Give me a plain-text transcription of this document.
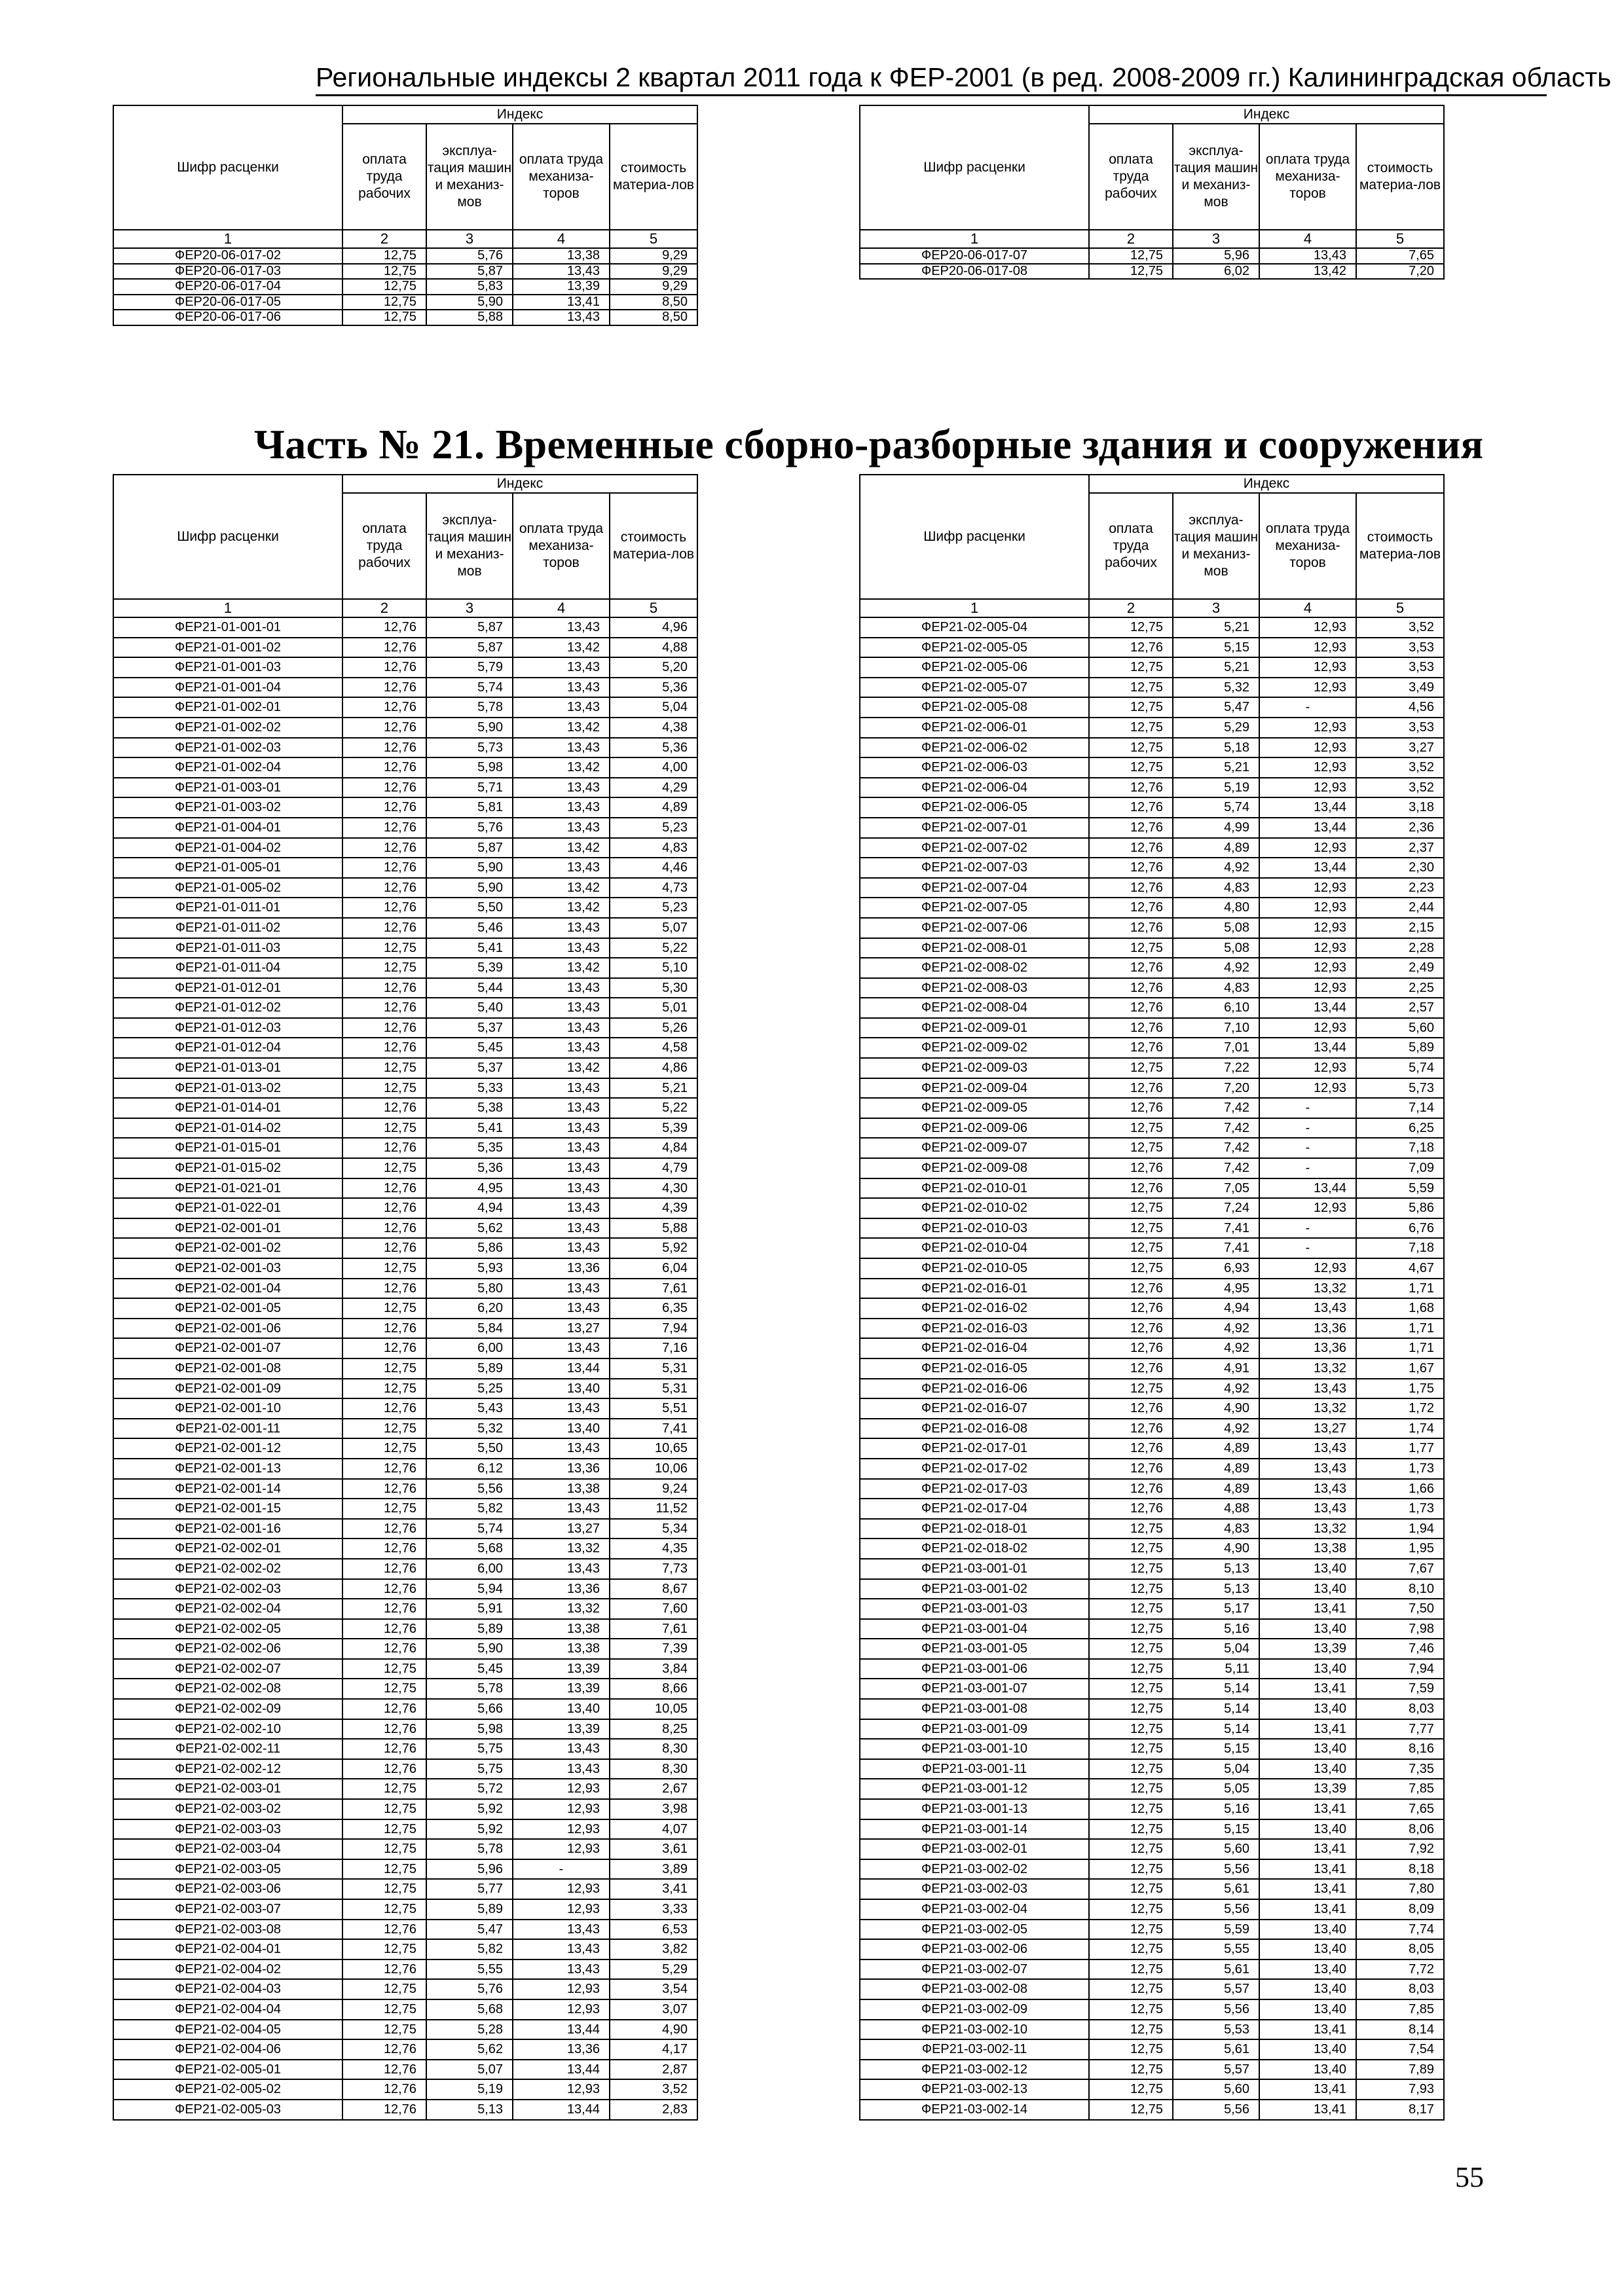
Региональные индексы 2 квартал 2011 года к ФЕР-2001 (в ред. 2008-2009 гг.) Калининградская область
Шифр расценки	Индекс			
	оплата труда рабочих	эксплуа-тация машин и механиз-мов	оплата труда механиза-торов	стоимость материа-лов
1	2	3	4	5
ФЕР20-06-017-02	12,75	5,76	13,38	9,29
ФЕР20-06-017-03	12,75	5,87	13,43	9,29
ФЕР20-06-017-04	12,75	5,83	13,39	9,29
ФЕР20-06-017-05	12,75	5,90	13,41	8,50
ФЕР20-06-017-06	12,75	5,88	13,43	8,50
Шифр расценки	Индекс			
	оплата труда рабочих	эксплуа-тация машин и механиз-мов	оплата труда механиза-торов	стоимость материа-лов
1	2	3	4	5
ФЕР20-06-017-07	12,75	5,96	13,43	7,65
ФЕР20-06-017-08	12,75	6,02	13,42	7,20
Часть № 21. Временные сборно-разборные здания и сооружения
Шифр расценки	Индекс			
	оплата труда рабочих	эксплуа-тация машин и механиз-мов	оплата труда механиза-торов	стоимость материа-лов
1	2	3	4	5
ФЕР21-01-001-01	12,76	5,87	13,43	4,96
ФЕР21-01-001-02	12,76	5,87	13,42	4,88
ФЕР21-01-001-03	12,76	5,79	13,43	5,20
ФЕР21-01-001-04	12,76	5,74	13,43	5,36
ФЕР21-01-002-01	12,76	5,78	13,43	5,04
ФЕР21-01-002-02	12,76	5,90	13,42	4,38
ФЕР21-01-002-03	12,76	5,73	13,43	5,36
ФЕР21-01-002-04	12,76	5,98	13,42	4,00
ФЕР21-01-003-01	12,76	5,71	13,43	4,29
ФЕР21-01-003-02	12,76	5,81	13,43	4,89
ФЕР21-01-004-01	12,76	5,76	13,43	5,23
ФЕР21-01-004-02	12,76	5,87	13,42	4,83
ФЕР21-01-005-01	12,76	5,90	13,43	4,46
ФЕР21-01-005-02	12,76	5,90	13,42	4,73
ФЕР21-01-011-01	12,76	5,50	13,42	5,23
ФЕР21-01-011-02	12,76	5,46	13,43	5,07
ФЕР21-01-011-03	12,75	5,41	13,43	5,22
ФЕР21-01-011-04	12,75	5,39	13,42	5,10
ФЕР21-01-012-01	12,76	5,44	13,43	5,30
ФЕР21-01-012-02	12,76	5,40	13,43	5,01
ФЕР21-01-012-03	12,76	5,37	13,43	5,26
ФЕР21-01-012-04	12,76	5,45	13,43	4,58
ФЕР21-01-013-01	12,75	5,37	13,42	4,86
ФЕР21-01-013-02	12,75	5,33	13,43	5,21
ФЕР21-01-014-01	12,76	5,38	13,43	5,22
ФЕР21-01-014-02	12,75	5,41	13,43	5,39
ФЕР21-01-015-01	12,76	5,35	13,43	4,84
ФЕР21-01-015-02	12,75	5,36	13,43	4,79
ФЕР21-01-021-01	12,76	4,95	13,43	4,30
ФЕР21-01-022-01	12,76	4,94	13,43	4,39
ФЕР21-02-001-01	12,76	5,62	13,43	5,88
ФЕР21-02-001-02	12,76	5,86	13,43	5,92
ФЕР21-02-001-03	12,75	5,93	13,36	6,04
ФЕР21-02-001-04	12,76	5,80	13,43	7,61
ФЕР21-02-001-05	12,75	6,20	13,43	6,35
ФЕР21-02-001-06	12,76	5,84	13,27	7,94
ФЕР21-02-001-07	12,76	6,00	13,43	7,16
ФЕР21-02-001-08	12,75	5,89	13,44	5,31
ФЕР21-02-001-09	12,75	5,25	13,40	5,31
ФЕР21-02-001-10	12,76	5,43	13,43	5,51
ФЕР21-02-001-11	12,75	5,32	13,40	7,41
ФЕР21-02-001-12	12,75	5,50	13,43	10,65
ФЕР21-02-001-13	12,76	6,12	13,36	10,06
ФЕР21-02-001-14	12,76	5,56	13,38	9,24
ФЕР21-02-001-15	12,75	5,82	13,43	11,52
ФЕР21-02-001-16	12,76	5,74	13,27	5,34
ФЕР21-02-002-01	12,76	5,68	13,32	4,35
ФЕР21-02-002-02	12,76	6,00	13,43	7,73
ФЕР21-02-002-03	12,76	5,94	13,36	8,67
ФЕР21-02-002-04	12,76	5,91	13,32	7,60
ФЕР21-02-002-05	12,76	5,89	13,38	7,61
ФЕР21-02-002-06	12,76	5,90	13,38	7,39
ФЕР21-02-002-07	12,75	5,45	13,39	3,84
ФЕР21-02-002-08	12,75	5,78	13,39	8,66
ФЕР21-02-002-09	12,76	5,66	13,40	10,05
ФЕР21-02-002-10	12,76	5,98	13,39	8,25
ФЕР21-02-002-11	12,76	5,75	13,43	8,30
ФЕР21-02-002-12	12,76	5,75	13,43	8,30
ФЕР21-02-003-01	12,75	5,72	12,93	2,67
ФЕР21-02-003-02	12,75	5,92	12,93	3,98
ФЕР21-02-003-03	12,75	5,92	12,93	4,07
ФЕР21-02-003-04	12,75	5,78	12,93	3,61
ФЕР21-02-003-05	12,75	5,96	-	3,89
ФЕР21-02-003-06	12,75	5,77	12,93	3,41
ФЕР21-02-003-07	12,75	5,89	12,93	3,33
ФЕР21-02-003-08	12,76	5,47	13,43	6,53
ФЕР21-02-004-01	12,75	5,82	13,43	3,82
ФЕР21-02-004-02	12,76	5,55	13,43	5,29
ФЕР21-02-004-03	12,75	5,76	12,93	3,54
ФЕР21-02-004-04	12,75	5,68	12,93	3,07
ФЕР21-02-004-05	12,75	5,28	13,44	4,90
ФЕР21-02-004-06	12,76	5,62	13,36	4,17
ФЕР21-02-005-01	12,76	5,07	13,44	2,87
ФЕР21-02-005-02	12,76	5,19	12,93	3,52
ФЕР21-02-005-03	12,76	5,13	13,44	2,83
Шифр расценки	Индекс			
	оплата труда рабочих	эксплуа-тация машин и механиз-мов	оплата труда механиза-торов	стоимость материа-лов
1	2	3	4	5
ФЕР21-02-005-04	12,75	5,21	12,93	3,52
ФЕР21-02-005-05	12,76	5,15	12,93	3,53
ФЕР21-02-005-06	12,75	5,21	12,93	3,53
ФЕР21-02-005-07	12,75	5,32	12,93	3,49
ФЕР21-02-005-08	12,75	5,47	-	4,56
ФЕР21-02-006-01	12,75	5,29	12,93	3,53
ФЕР21-02-006-02	12,75	5,18	12,93	3,27
ФЕР21-02-006-03	12,75	5,21	12,93	3,52
ФЕР21-02-006-04	12,76	5,19	12,93	3,52
ФЕР21-02-006-05	12,76	5,74	13,44	3,18
ФЕР21-02-007-01	12,76	4,99	13,44	2,36
ФЕР21-02-007-02	12,76	4,89	12,93	2,37
ФЕР21-02-007-03	12,76	4,92	13,44	2,30
ФЕР21-02-007-04	12,76	4,83	12,93	2,23
ФЕР21-02-007-05	12,76	4,80	12,93	2,44
ФЕР21-02-007-06	12,76	5,08	12,93	2,15
ФЕР21-02-008-01	12,75	5,08	12,93	2,28
ФЕР21-02-008-02	12,76	4,92	12,93	2,49
ФЕР21-02-008-03	12,76	4,83	12,93	2,25
ФЕР21-02-008-04	12,76	6,10	13,44	2,57
ФЕР21-02-009-01	12,76	7,10	12,93	5,60
ФЕР21-02-009-02	12,76	7,01	13,44	5,89
ФЕР21-02-009-03	12,75	7,22	12,93	5,74
ФЕР21-02-009-04	12,76	7,20	12,93	5,73
ФЕР21-02-009-05	12,76	7,42	-	7,14
ФЕР21-02-009-06	12,75	7,42	-	6,25
ФЕР21-02-009-07	12,75	7,42	-	7,18
ФЕР21-02-009-08	12,76	7,42	-	7,09
ФЕР21-02-010-01	12,76	7,05	13,44	5,59
ФЕР21-02-010-02	12,75	7,24	12,93	5,86
ФЕР21-02-010-03	12,75	7,41	-	6,76
ФЕР21-02-010-04	12,75	7,41	-	7,18
ФЕР21-02-010-05	12,75	6,93	12,93	4,67
ФЕР21-02-016-01	12,76	4,95	13,32	1,71
ФЕР21-02-016-02	12,76	4,94	13,43	1,68
ФЕР21-02-016-03	12,76	4,92	13,36	1,71
ФЕР21-02-016-04	12,76	4,92	13,36	1,71
ФЕР21-02-016-05	12,76	4,91	13,32	1,67
ФЕР21-02-016-06	12,75	4,92	13,43	1,75
ФЕР21-02-016-07	12,76	4,90	13,32	1,72
ФЕР21-02-016-08	12,76	4,92	13,27	1,74
ФЕР21-02-017-01	12,76	4,89	13,43	1,77
ФЕР21-02-017-02	12,76	4,89	13,43	1,73
ФЕР21-02-017-03	12,76	4,89	13,43	1,66
ФЕР21-02-017-04	12,76	4,88	13,43	1,73
ФЕР21-02-018-01	12,75	4,83	13,32	1,94
ФЕР21-02-018-02	12,75	4,90	13,38	1,95
ФЕР21-03-001-01	12,75	5,13	13,40	7,67
ФЕР21-03-001-02	12,75	5,13	13,40	8,10
ФЕР21-03-001-03	12,75	5,17	13,41	7,50
ФЕР21-03-001-04	12,75	5,16	13,40	7,98
ФЕР21-03-001-05	12,75	5,04	13,39	7,46
ФЕР21-03-001-06	12,75	5,11	13,40	7,94
ФЕР21-03-001-07	12,75	5,14	13,41	7,59
ФЕР21-03-001-08	12,75	5,14	13,40	8,03
ФЕР21-03-001-09	12,75	5,14	13,41	7,77
ФЕР21-03-001-10	12,75	5,15	13,40	8,16
ФЕР21-03-001-11	12,75	5,04	13,40	7,35
ФЕР21-03-001-12	12,75	5,05	13,39	7,85
ФЕР21-03-001-13	12,75	5,16	13,41	7,65
ФЕР21-03-001-14	12,75	5,15	13,40	8,06
ФЕР21-03-002-01	12,75	5,60	13,41	7,92
ФЕР21-03-002-02	12,75	5,56	13,41	8,18
ФЕР21-03-002-03	12,75	5,61	13,41	7,80
ФЕР21-03-002-04	12,75	5,56	13,41	8,09
ФЕР21-03-002-05	12,75	5,59	13,40	7,74
ФЕР21-03-002-06	12,75	5,55	13,40	8,05
ФЕР21-03-002-07	12,75	5,61	13,40	7,72
ФЕР21-03-002-08	12,75	5,57	13,40	8,03
ФЕР21-03-002-09	12,75	5,56	13,40	7,85
ФЕР21-03-002-10	12,75	5,53	13,41	8,14
ФЕР21-03-002-11	12,75	5,61	13,40	7,54
ФЕР21-03-002-12	12,75	5,57	13,40	7,89
ФЕР21-03-002-13	12,75	5,60	13,41	7,93
ФЕР21-03-002-14	12,75	5,56	13,41	8,17
55
